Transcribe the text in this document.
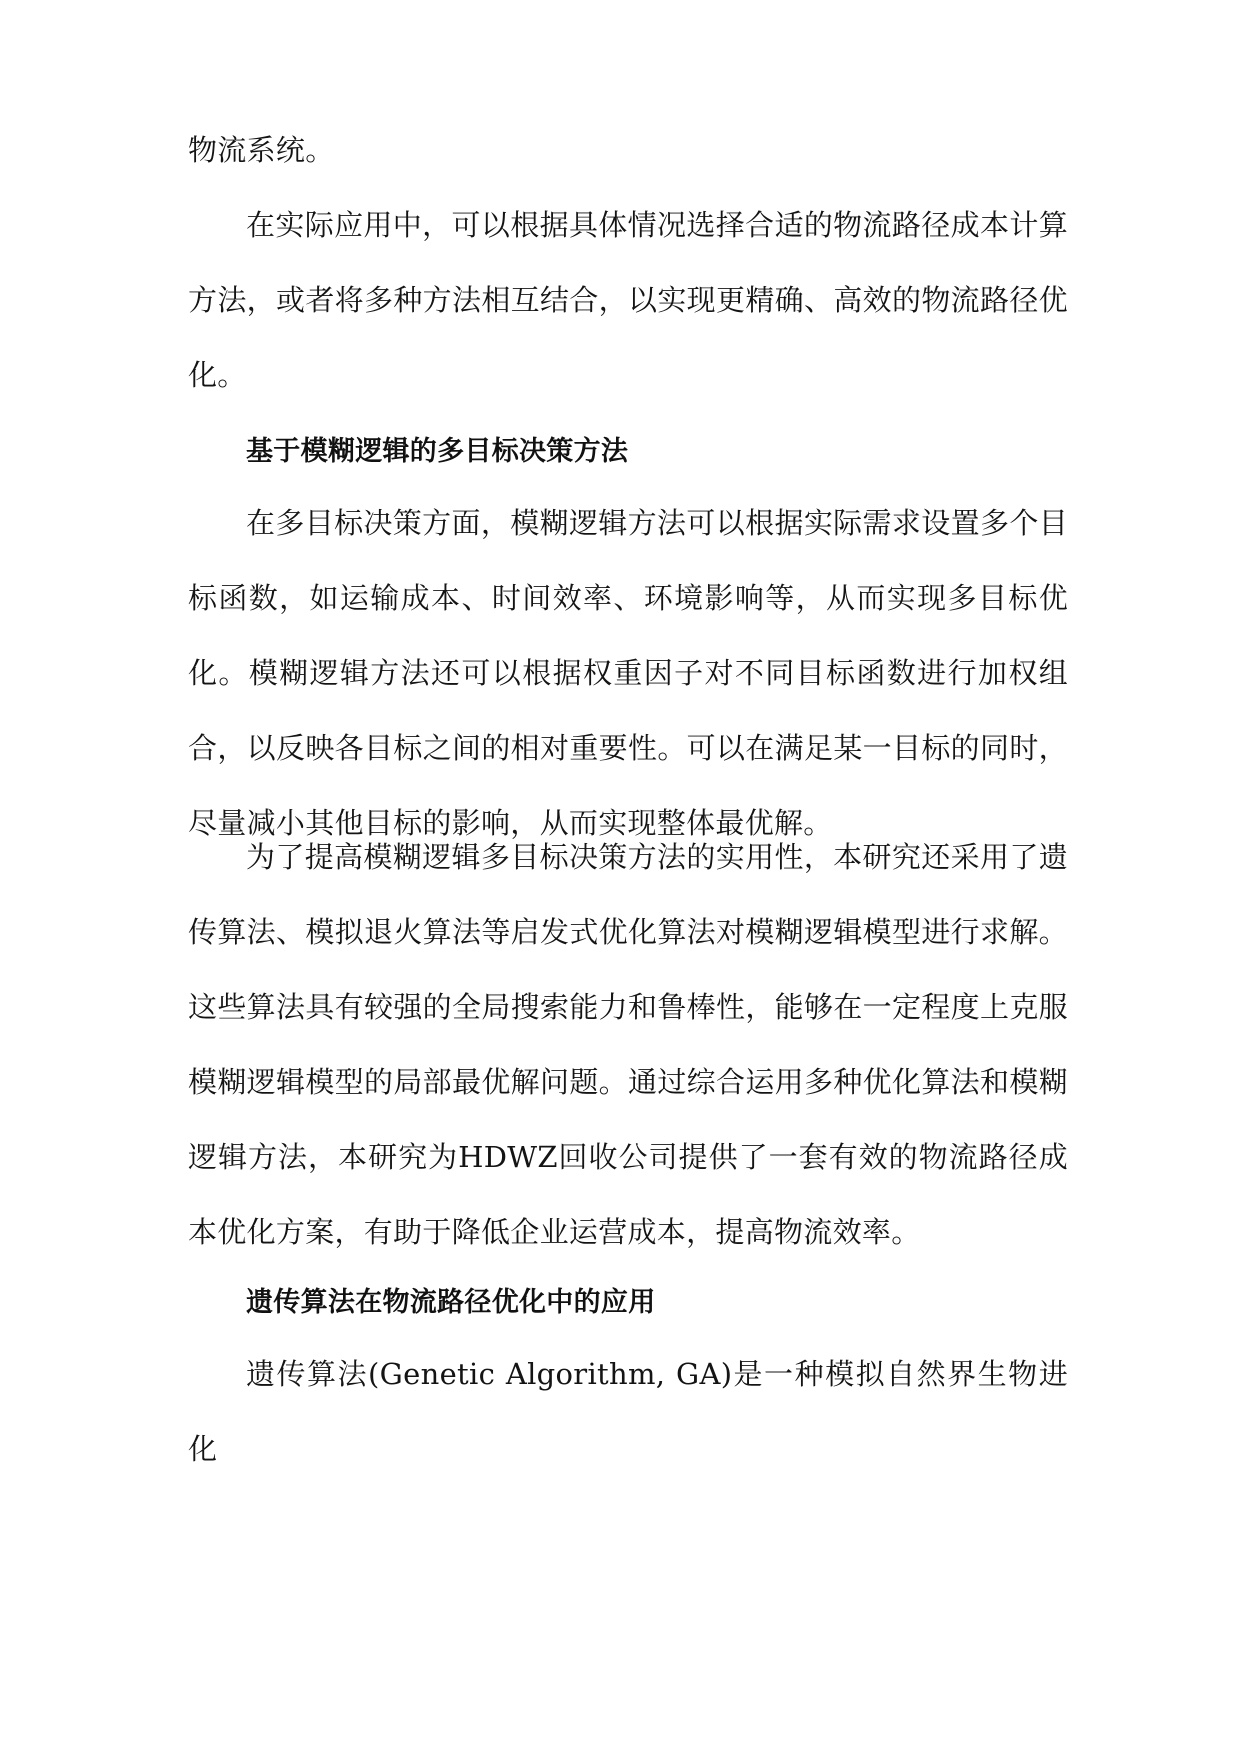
物流系统。

在实际应用中，可以根据具体情况选择合适的物流路径成本计算方法，或者将多种方法相互结合，以实现更精确、高效的物流路径优化。

基于模糊逻辑的多目标决策方法

在多目标决策方面，模糊逻辑方法可以根据实际需求设置多个目标函数，如运输成本、时间效率、环境影响等，从而实现多目标优化。模糊逻辑方法还可以根据权重因子对不同目标函数进行加权组合，以反映各目标之间的相对重要性。可以在满足某一目标的同时，尽量减小其他目标的影响，从而实现整体最优解。

为了提高模糊逻辑多目标决策方法的实用性，本研究还采用了遗传算法、模拟退火算法等启发式优化算法对模糊逻辑模型进行求解。这些算法具有较强的全局搜索能力和鲁棒性，能够在一定程度上克服模糊逻辑模型的局部最优解问题。通过综合运用多种优化算法和模糊逻辑方法，本研究为HDWZ回收公司提供了一套有效的物流路径成本优化方案，有助于降低企业运营成本，提高物流效率。

遗传算法在物流路径优化中的应用

遗传算法(Genetic Algorithm, GA)是一种模拟自然界生物进化
